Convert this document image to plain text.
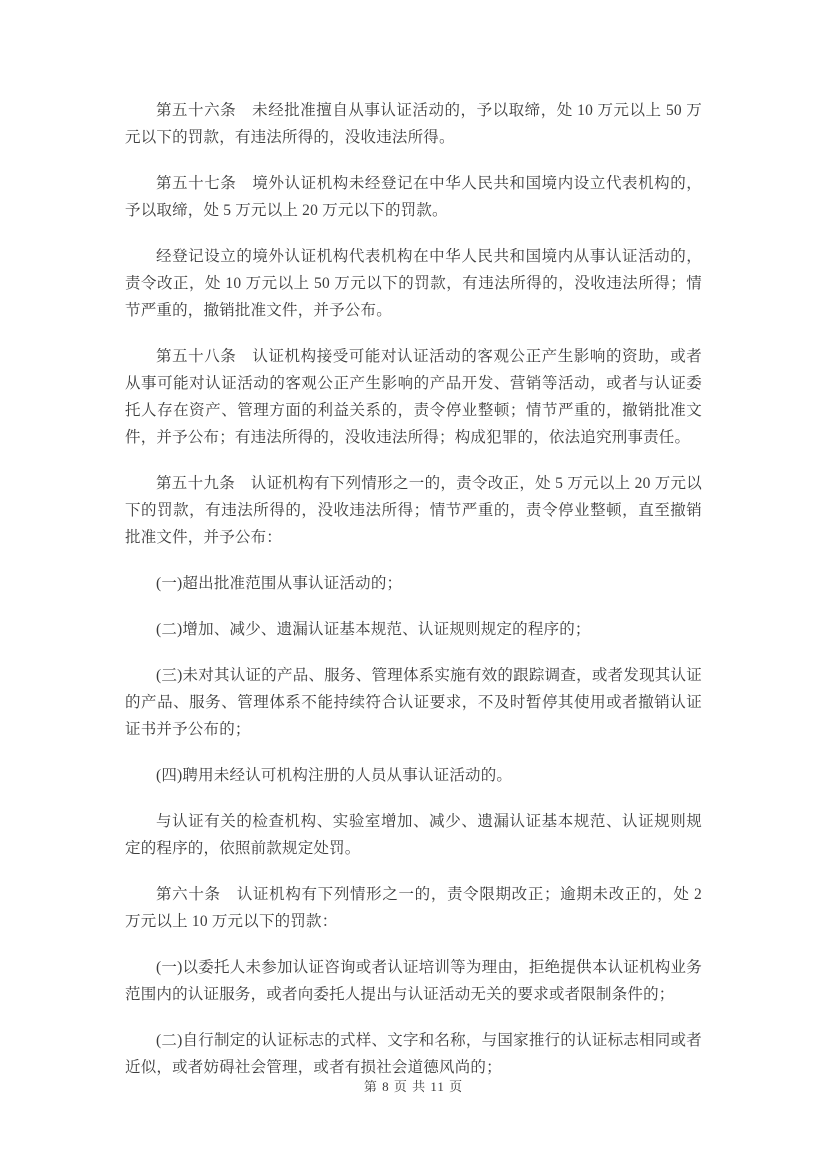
第五十六条　未经批准擅自从事认证活动的，予以取缔，处 10 万元以上 50 万元以下的罚款，有违法所得的，没收违法所得。

第五十七条　境外认证机构未经登记在中华人民共和国境内设立代表机构的，予以取缔，处 5 万元以上 20 万元以下的罚款。

经登记设立的境外认证机构代表机构在中华人民共和国境内从事认证活动的，责令改正，处 10 万元以上 50 万元以下的罚款，有违法所得的，没收违法所得；情节严重的，撤销批准文件，并予公布。

第五十八条　认证机构接受可能对认证活动的客观公正产生影响的资助，或者从事可能对认证活动的客观公正产生影响的产品开发、营销等活动，或者与认证委托人存在资产、管理方面的利益关系的，责令停业整顿；情节严重的，撤销批准文件，并予公布；有违法所得的，没收违法所得；构成犯罪的，依法追究刑事责任。

第五十九条　认证机构有下列情形之一的，责令改正，处 5 万元以上 20 万元以下的罚款，有违法所得的，没收违法所得；情节严重的，责令停业整顿，直至撤销批准文件，并予公布：

(一)超出批准范围从事认证活动的；

(二)增加、减少、遗漏认证基本规范、认证规则规定的程序的；

(三)未对其认证的产品、服务、管理体系实施有效的跟踪调查，或者发现其认证的产品、服务、管理体系不能持续符合认证要求，不及时暂停其使用或者撤销认证证书并予公布的；

(四)聘用未经认可机构注册的人员从事认证活动的。

与认证有关的检查机构、实验室增加、减少、遗漏认证基本规范、认证规则规定的程序的，依照前款规定处罚。

第六十条　认证机构有下列情形之一的，责令限期改正；逾期未改正的，处 2 万元以上 10 万元以下的罚款：

(一)以委托人未参加认证咨询或者认证培训等为理由，拒绝提供本认证机构业务范围内的认证服务，或者向委托人提出与认证活动无关的要求或者限制条件的；

(二)自行制定的认证标志的式样、文字和名称，与国家推行的认证标志相同或者近似，或者妨碍社会管理，或者有损社会道德风尚的；

第 8 页 共 11 页
